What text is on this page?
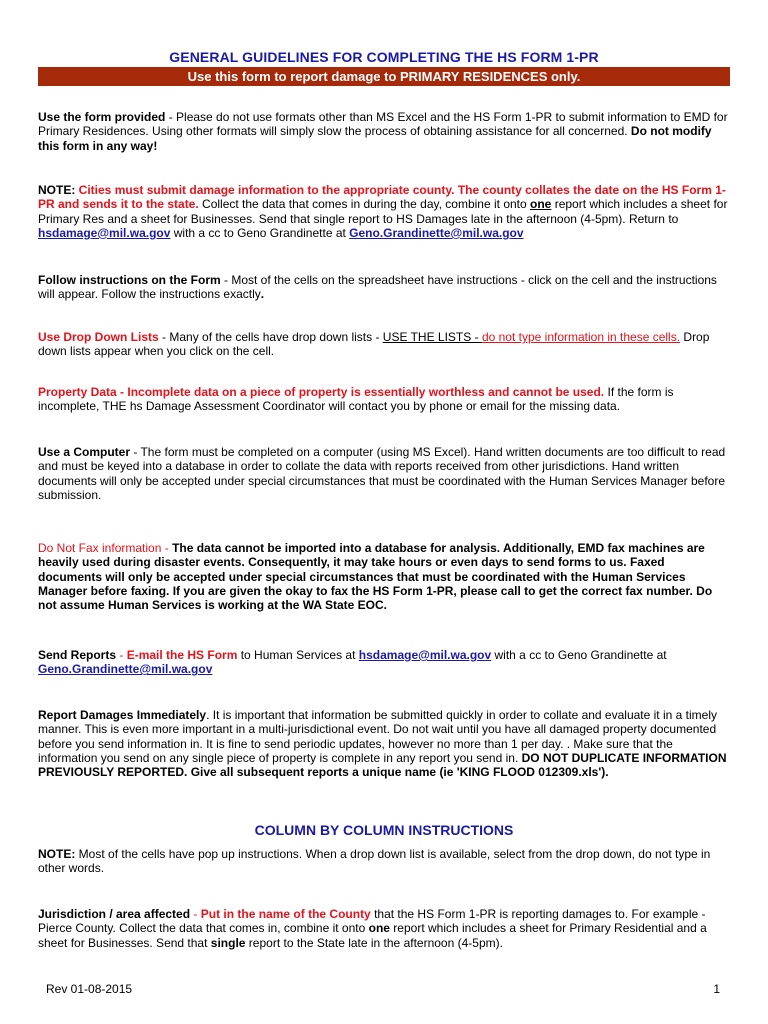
GENERAL GUIDELINES FOR COMPLETING THE HS FORM 1-PR
Use this form to report damage to PRIMARY RESIDENCES only.
Use the form provided - Please do not use formats other than MS Excel and the HS Form 1-PR to submit information to EMD for Primary Residences. Using other formats will simply slow the process of obtaining assistance for all concerned. Do not modify this form in any way!
NOTE: Cities must submit damage information to the appropriate county. The county collates the date on the HS Form 1-PR and sends it to the state. Collect the data that comes in during the day, combine it onto one report which includes a sheet for Primary Res and a sheet for Businesses. Send that single report to HS Damages late in the afternoon (4-5pm). Return to hsdamage@mil.wa.gov with a cc to Geno Grandinette at Geno.Grandinette@mil.wa.gov
Follow instructions on the Form - Most of the cells on the spreadsheet have instructions - click on the cell and the instructions will appear. Follow the instructions exactly.
Use Drop Down Lists - Many of the cells have drop down lists - USE THE LISTS - do not type information in these cells. Drop down lists appear when you click on the cell.
Property Data - Incomplete data on a piece of property is essentially worthless and cannot be used. If the form is incomplete, THE hs Damage Assessment Coordinator will contact you by phone or email for the missing data.
Use a Computer - The form must be completed on a computer (using MS Excel). Hand written documents are too difficult to read and must be keyed into a database in order to collate the data with reports received from other jurisdictions. Hand written documents will only be accepted under special circumstances that must be coordinated with the Human Services Manager before submission.
Do Not Fax information - The data cannot be imported into a database for analysis. Additionally, EMD fax machines are heavily used during disaster events. Consequently, it may take hours or even days to send forms to us. Faxed documents will only be accepted under special circumstances that must be coordinated with the Human Services Manager before faxing. If you are given the okay to fax the HS Form 1-PR, please call to get the correct fax number. Do not assume Human Services is working at the WA State EOC.
Send Reports - E-mail the HS Form to Human Services at hsdamage@mil.wa.gov with a cc to Geno Grandinette at Geno.Grandinette@mil.wa.gov
Report Damages Immediately. It is important that information be submitted quickly in order to collate and evaluate it in a timely manner. This is even more important in a multi-jurisdictional event. Do not wait until you have all damaged property documented before you send information in. It is fine to send periodic updates, however no more than 1 per day. . Make sure that the information you send on any single piece of property is complete in any report you send in. DO NOT DUPLICATE INFORMATION PREVIOUSLY REPORTED. Give all subsequent reports a unique name (ie 'KING FLOOD 012309.xls').
COLUMN BY COLUMN INSTRUCTIONS
NOTE: Most of the cells have pop up instructions. When a drop down list is available, select from the drop down, do not type in other words.
Jurisdiction / area affected - Put in the name of the County that the HS Form 1-PR is reporting damages to. For example - Pierce County. Collect the data that comes in, combine it onto one report which includes a sheet for Primary Residential and a sheet for Businesses. Send that single report to the State late in the afternoon (4-5pm).
Rev 01-08-2015	1
